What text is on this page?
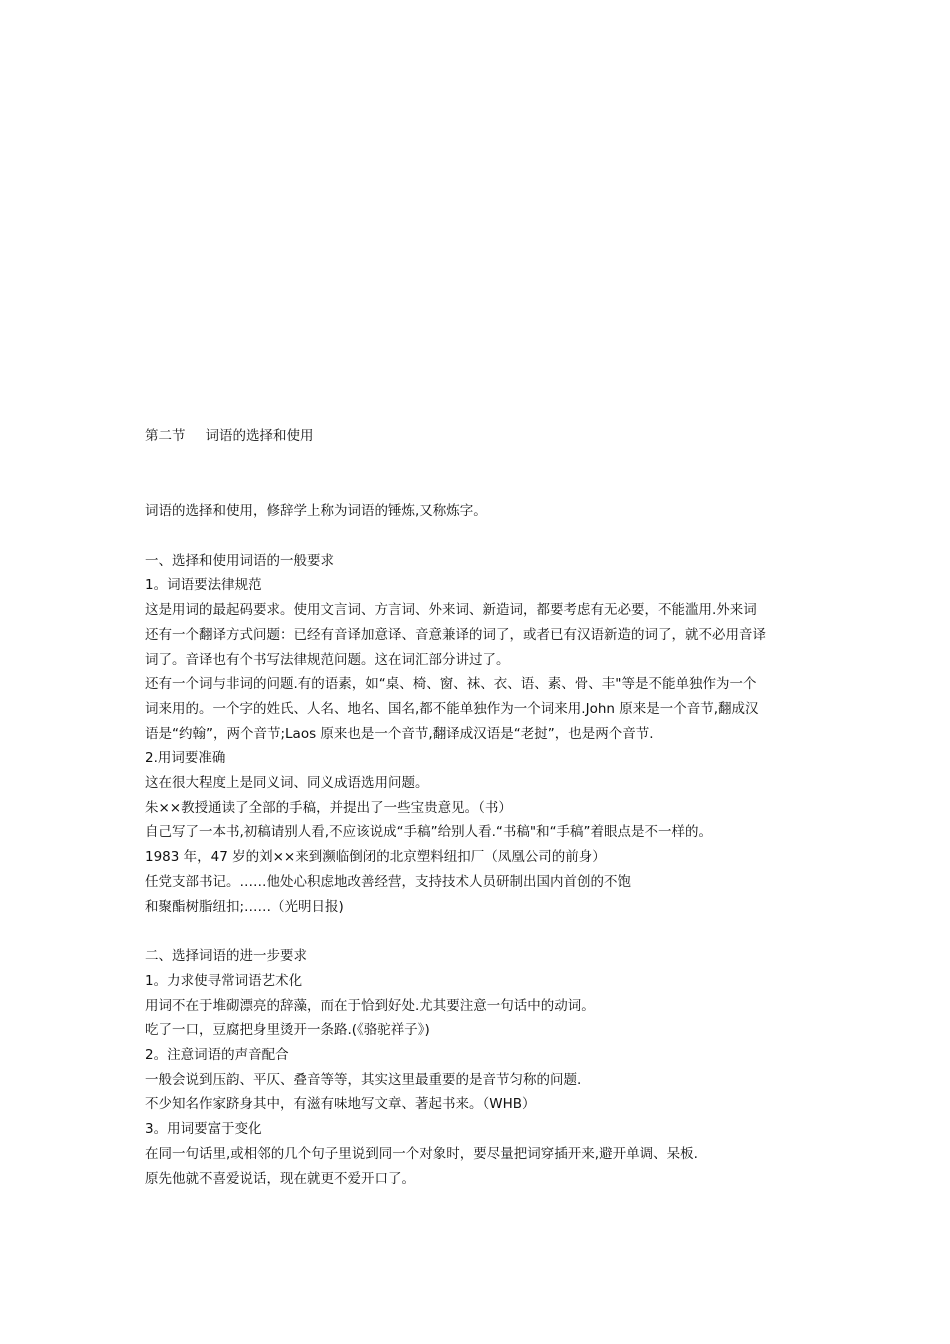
第二节 词语的选择和使用
词语的选择和使用，修辞学上称为词语的锤炼,又称炼字。
一、选择和使用词语的一般要求
1。词语要法律规范
这是用词的最起码要求。使用文言词、方言词、外来词、新造词，都要考虑有无必要，不能滥用.外来词
还有一个翻译方式问题：已经有音译加意译、音意兼译的词了，或者已有汉语新造的词了，就不必用音译
词了。音译也有个书写法律规范问题。这在词汇部分讲过了。
还有一个词与非词的问题.有的语素，如“桌、椅、窗、袜、衣、语、素、骨、丰"等是不能单独作为一个
词来用的。一个字的姓氏、人名、地名、国名,都不能单独作为一个词来用.John 原来是一个音节,翻成汉
语是“约翰”，两个音节;Laos 原来也是一个音节,翻译成汉语是“老挝”，也是两个音节.
2.用词要准确
这在很大程度上是同义词、同义成语选用问题。
朱××教授通读了全部的手稿，并提出了一些宝贵意见。（书）
自己写了一本书,初稿请别人看,不应该说成“手稿”给别人看.“书稿"和“手稿”着眼点是不一样的。
1983 年，47 岁的刘××来到濒临倒闭的北京塑料纽扣厂（凤凰公司的前身）
任党支部书记。……他处心积虑地改善经营，支持技术人员研制出国内首创的不饱
和聚酯树脂纽扣;……（光明日报)
二、选择词语的进一步要求
1。力求使寻常词语艺术化
用词不在于堆砌漂亮的辞藻，而在于恰到好处.尤其要注意一句话中的动词。
吃了一口，豆腐把身里烫开一条路.(《骆驼祥子》)
2。注意词语的声音配合
一般会说到压韵、平仄、叠音等等，其实这里最重要的是音节匀称的问题.
不少知名作家跻身其中，有滋有味地写文章、著起书来。（WHB）
3。用词要富于变化
在同一句话里,或相邻的几个句子里说到同一个对象时，要尽量把词穿插开来,避开单调、呆板.
原先他就不喜爱说话，现在就更不爱开口了。
